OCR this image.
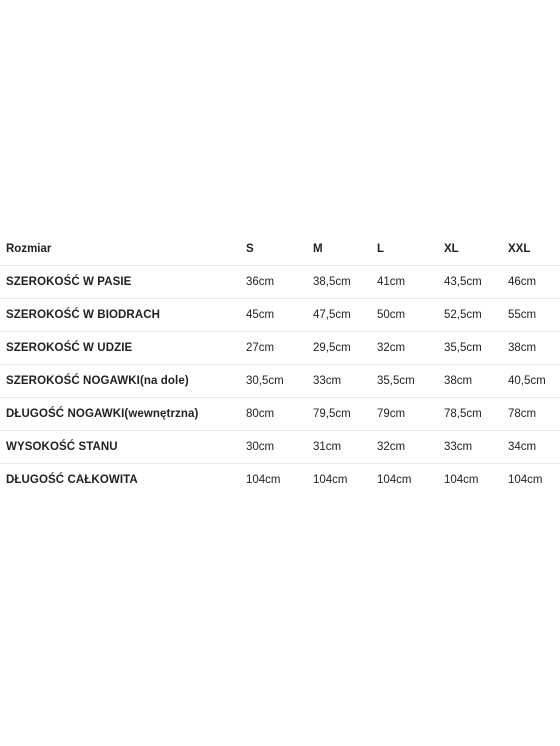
Rozmiar	S	M	L	XL	XXL
SZEROKOŚĆ W PASIE	36cm	38,5cm	41cm	43,5cm	46cm
SZEROKOŚĆ W BIODRACH	45cm	47,5cm	50cm	52,5cm	55cm
SZEROKOŚĆ W UDZIE	27cm	29,5cm	32cm	35,5cm	38cm
SZEROKOŚĆ NOGAWKI(na dole)	30,5cm	33cm	35,5cm	38cm	40,5cm
DŁUGOŚĆ NOGAWKI(wewnętrzna)	80cm	79,5cm	79cm	78,5cm	78cm
WYSOKOŚĆ STANU	30cm	31cm	32cm	33cm	34cm
DŁUGOŚĆ CAŁKOWITA	104cm	104cm	104cm	104cm	104cm
